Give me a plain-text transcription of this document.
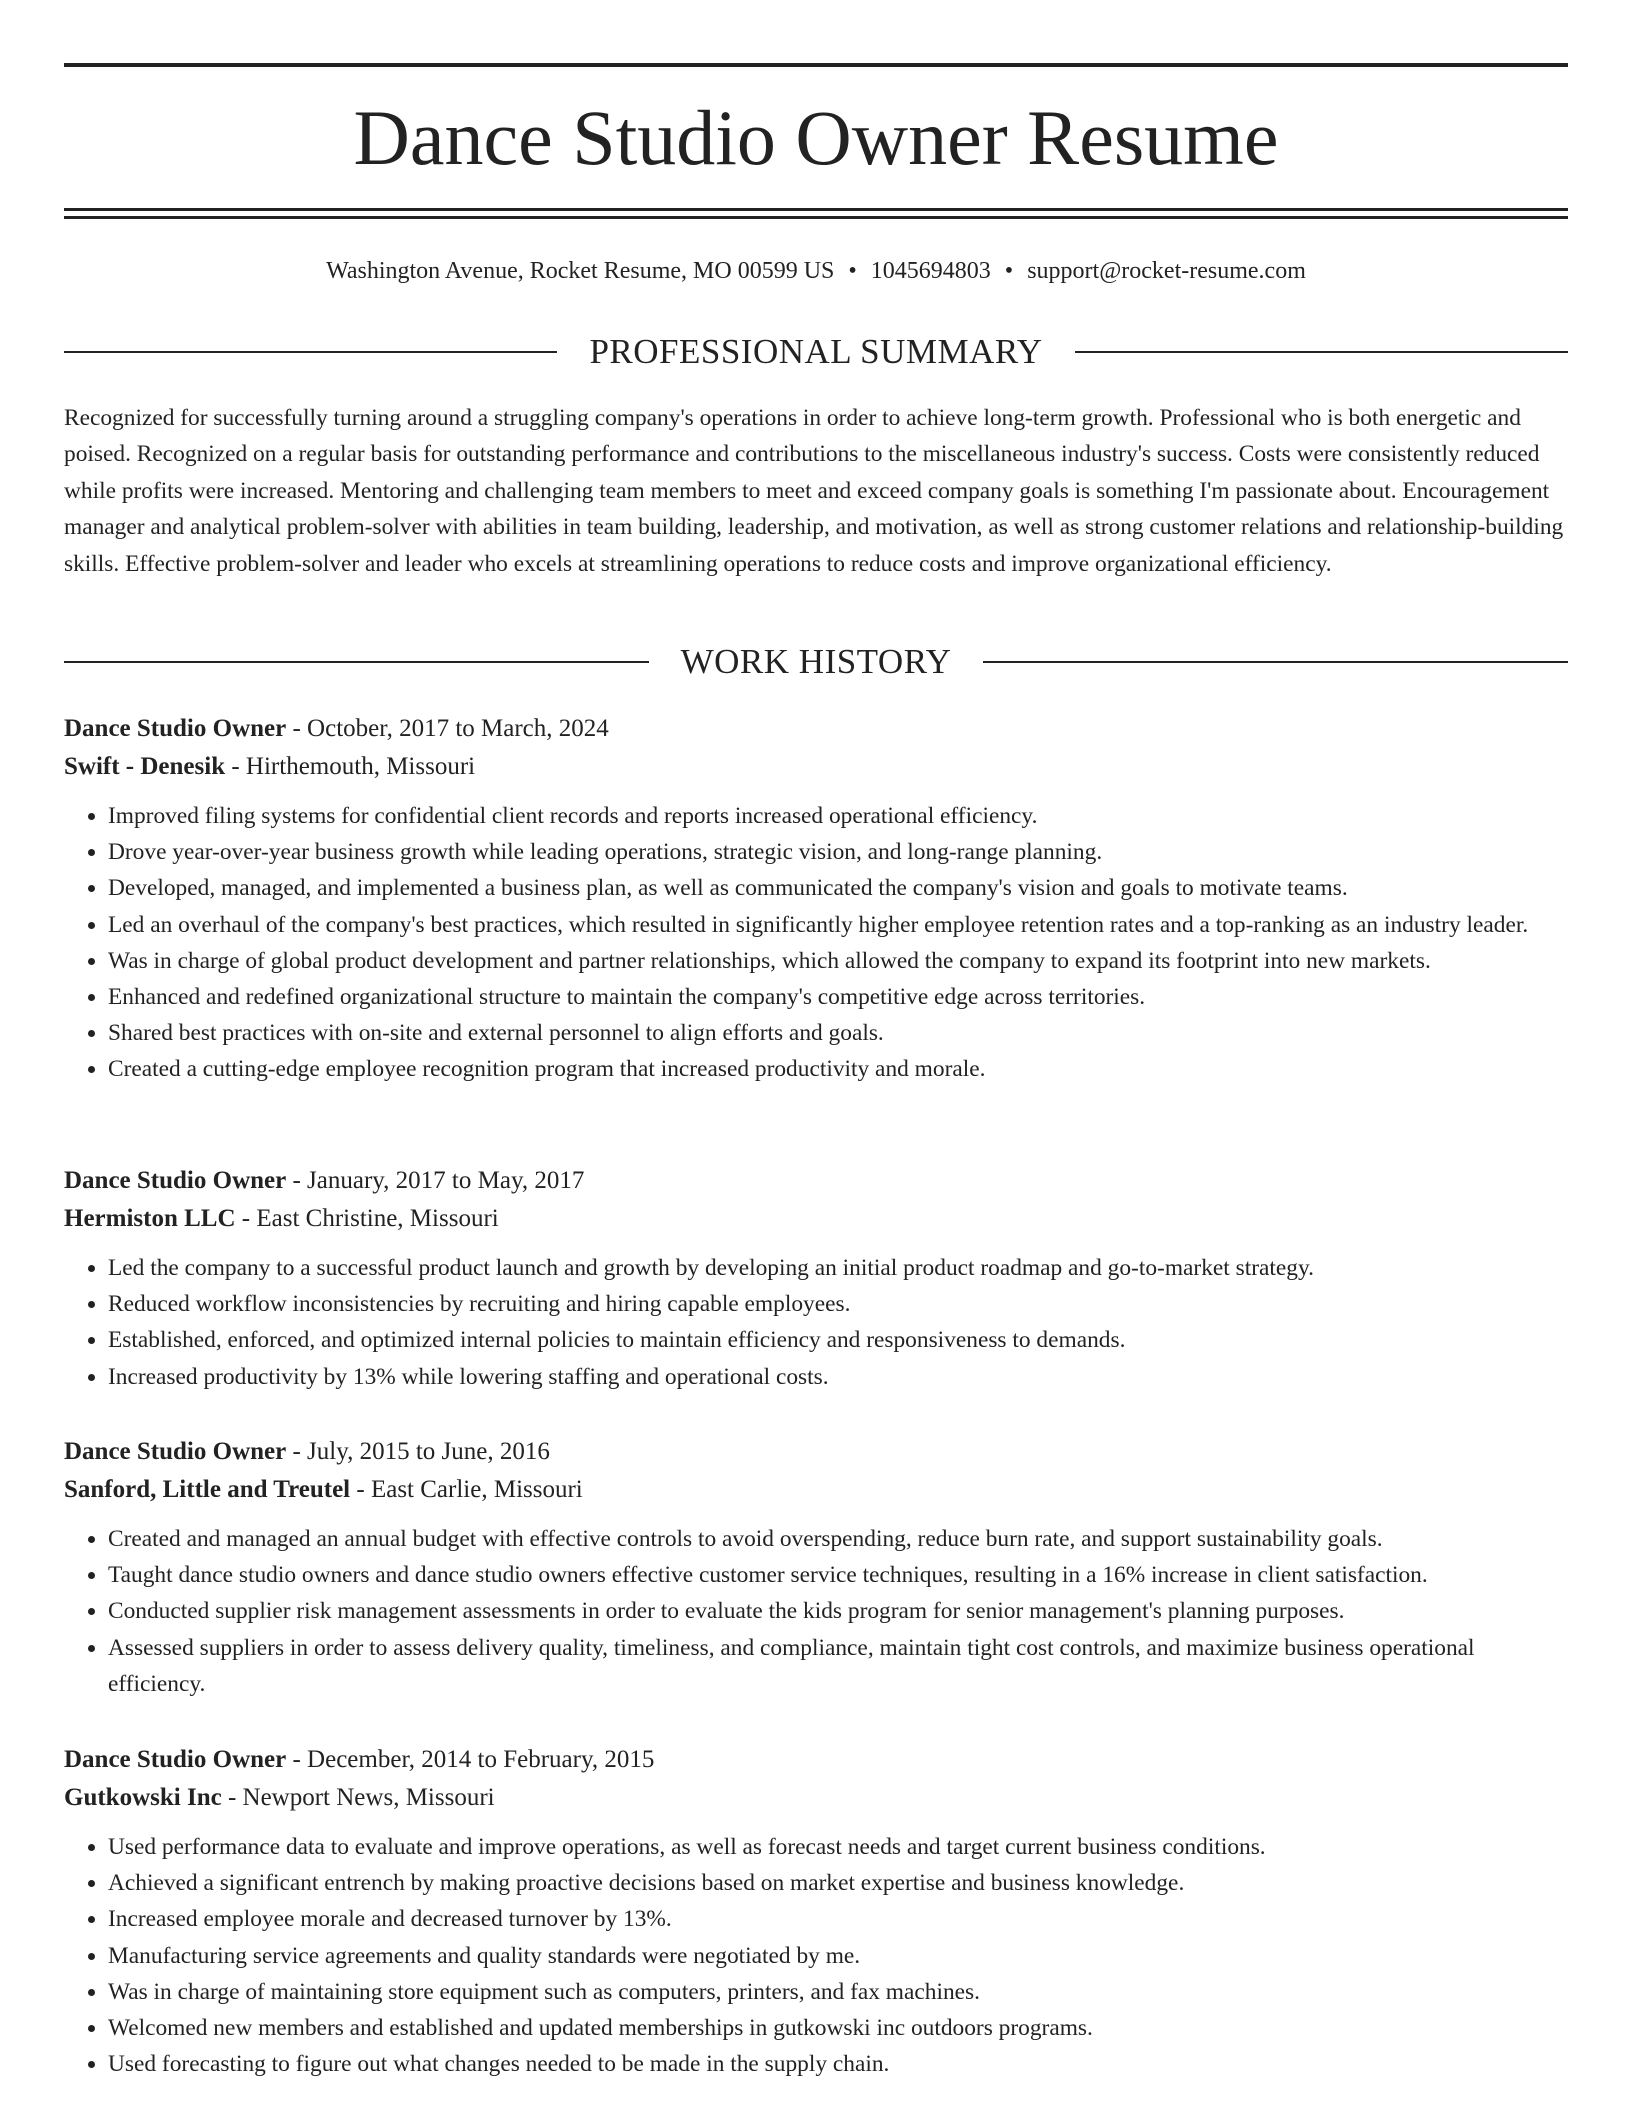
Dance Studio Owner Resume
Washington Avenue, Rocket Resume, MO 00599 US • 1045694803 • support@rocket-resume.com
PROFESSIONAL SUMMARY

Recognized for successfully turning around a struggling company's operations in order to achieve long-term growth. Professional who is both energetic and poised. Recognized on a regular basis for outstanding performance and contributions to the miscellaneous industry's success. Costs were consistently reduced while profits were increased. Mentoring and challenging team members to meet and exceed company goals is something I'm passionate about. Encouragement manager and analytical problem-solver with abilities in team building, leadership, and motivation, as well as strong customer relations and relationship-building skills. Effective problem-solver and leader who excels at streamlining operations to reduce costs and improve organizational efficiency.

WORK HISTORY

Dance Studio Owner - October, 2017 to March, 2024

Swift - Denesik - Hirthemouth, Missouri

• Improved filing systems for confidential client records and reports increased operational efficiency.
• Drove year-over-year business growth while leading operations, strategic vision, and long-range planning.
• Developed, managed, and implemented a business plan, as well as communicated the company's vision and goals to motivate teams.
• Led an overhaul of the company's best practices, which resulted in significantly higher employee retention rates and a top-ranking as an industry leader.
• Was in charge of global product development and partner relationships, which allowed the company to expand its footprint into new markets.
• Enhanced and redefined organizational structure to maintain the company's competitive edge across territories.
• Shared best practices with on-site and external personnel to align efforts and goals.
• Created a cutting-edge employee recognition program that increased productivity and morale.

Dance Studio Owner - January, 2017 to May, 2017

Hermiston LLC - East Christine, Missouri

• Led the company to a successful product launch and growth by developing an initial product roadmap and go-to-market strategy.
• Reduced workflow inconsistencies by recruiting and hiring capable employees.
• Established, enforced, and optimized internal policies to maintain efficiency and responsiveness to demands.
• Increased productivity by 13% while lowering staffing and operational costs.

Dance Studio Owner - July, 2015 to June, 2016

Sanford, Little and Treutel - East Carlie, Missouri

• Created and managed an annual budget with effective controls to avoid overspending, reduce burn rate, and support sustainability goals.
• Taught dance studio owners and dance studio owners effective customer service techniques, resulting in a 16% increase in client satisfaction.
• Conducted supplier risk management assessments in order to evaluate the kids program for senior management's planning purposes.
• Assessed suppliers in order to assess delivery quality, timeliness, and compliance, maintain tight cost controls, and maximize business operational efficiency.

Dance Studio Owner - December, 2014 to February, 2015

Gutkowski Inc - Newport News, Missouri

• Used performance data to evaluate and improve operations, as well as forecast needs and target current business conditions.
• Achieved a significant entrench by making proactive decisions based on market expertise and business knowledge.
• Increased employee morale and decreased turnover by 13%.
• Manufacturing service agreements and quality standards were negotiated by me.
• Was in charge of maintaining store equipment such as computers, printers, and fax machines.
• Welcomed new members and established and updated memberships in gutkowski inc outdoors programs.
• Used forecasting to figure out what changes needed to be made in the supply chain.
